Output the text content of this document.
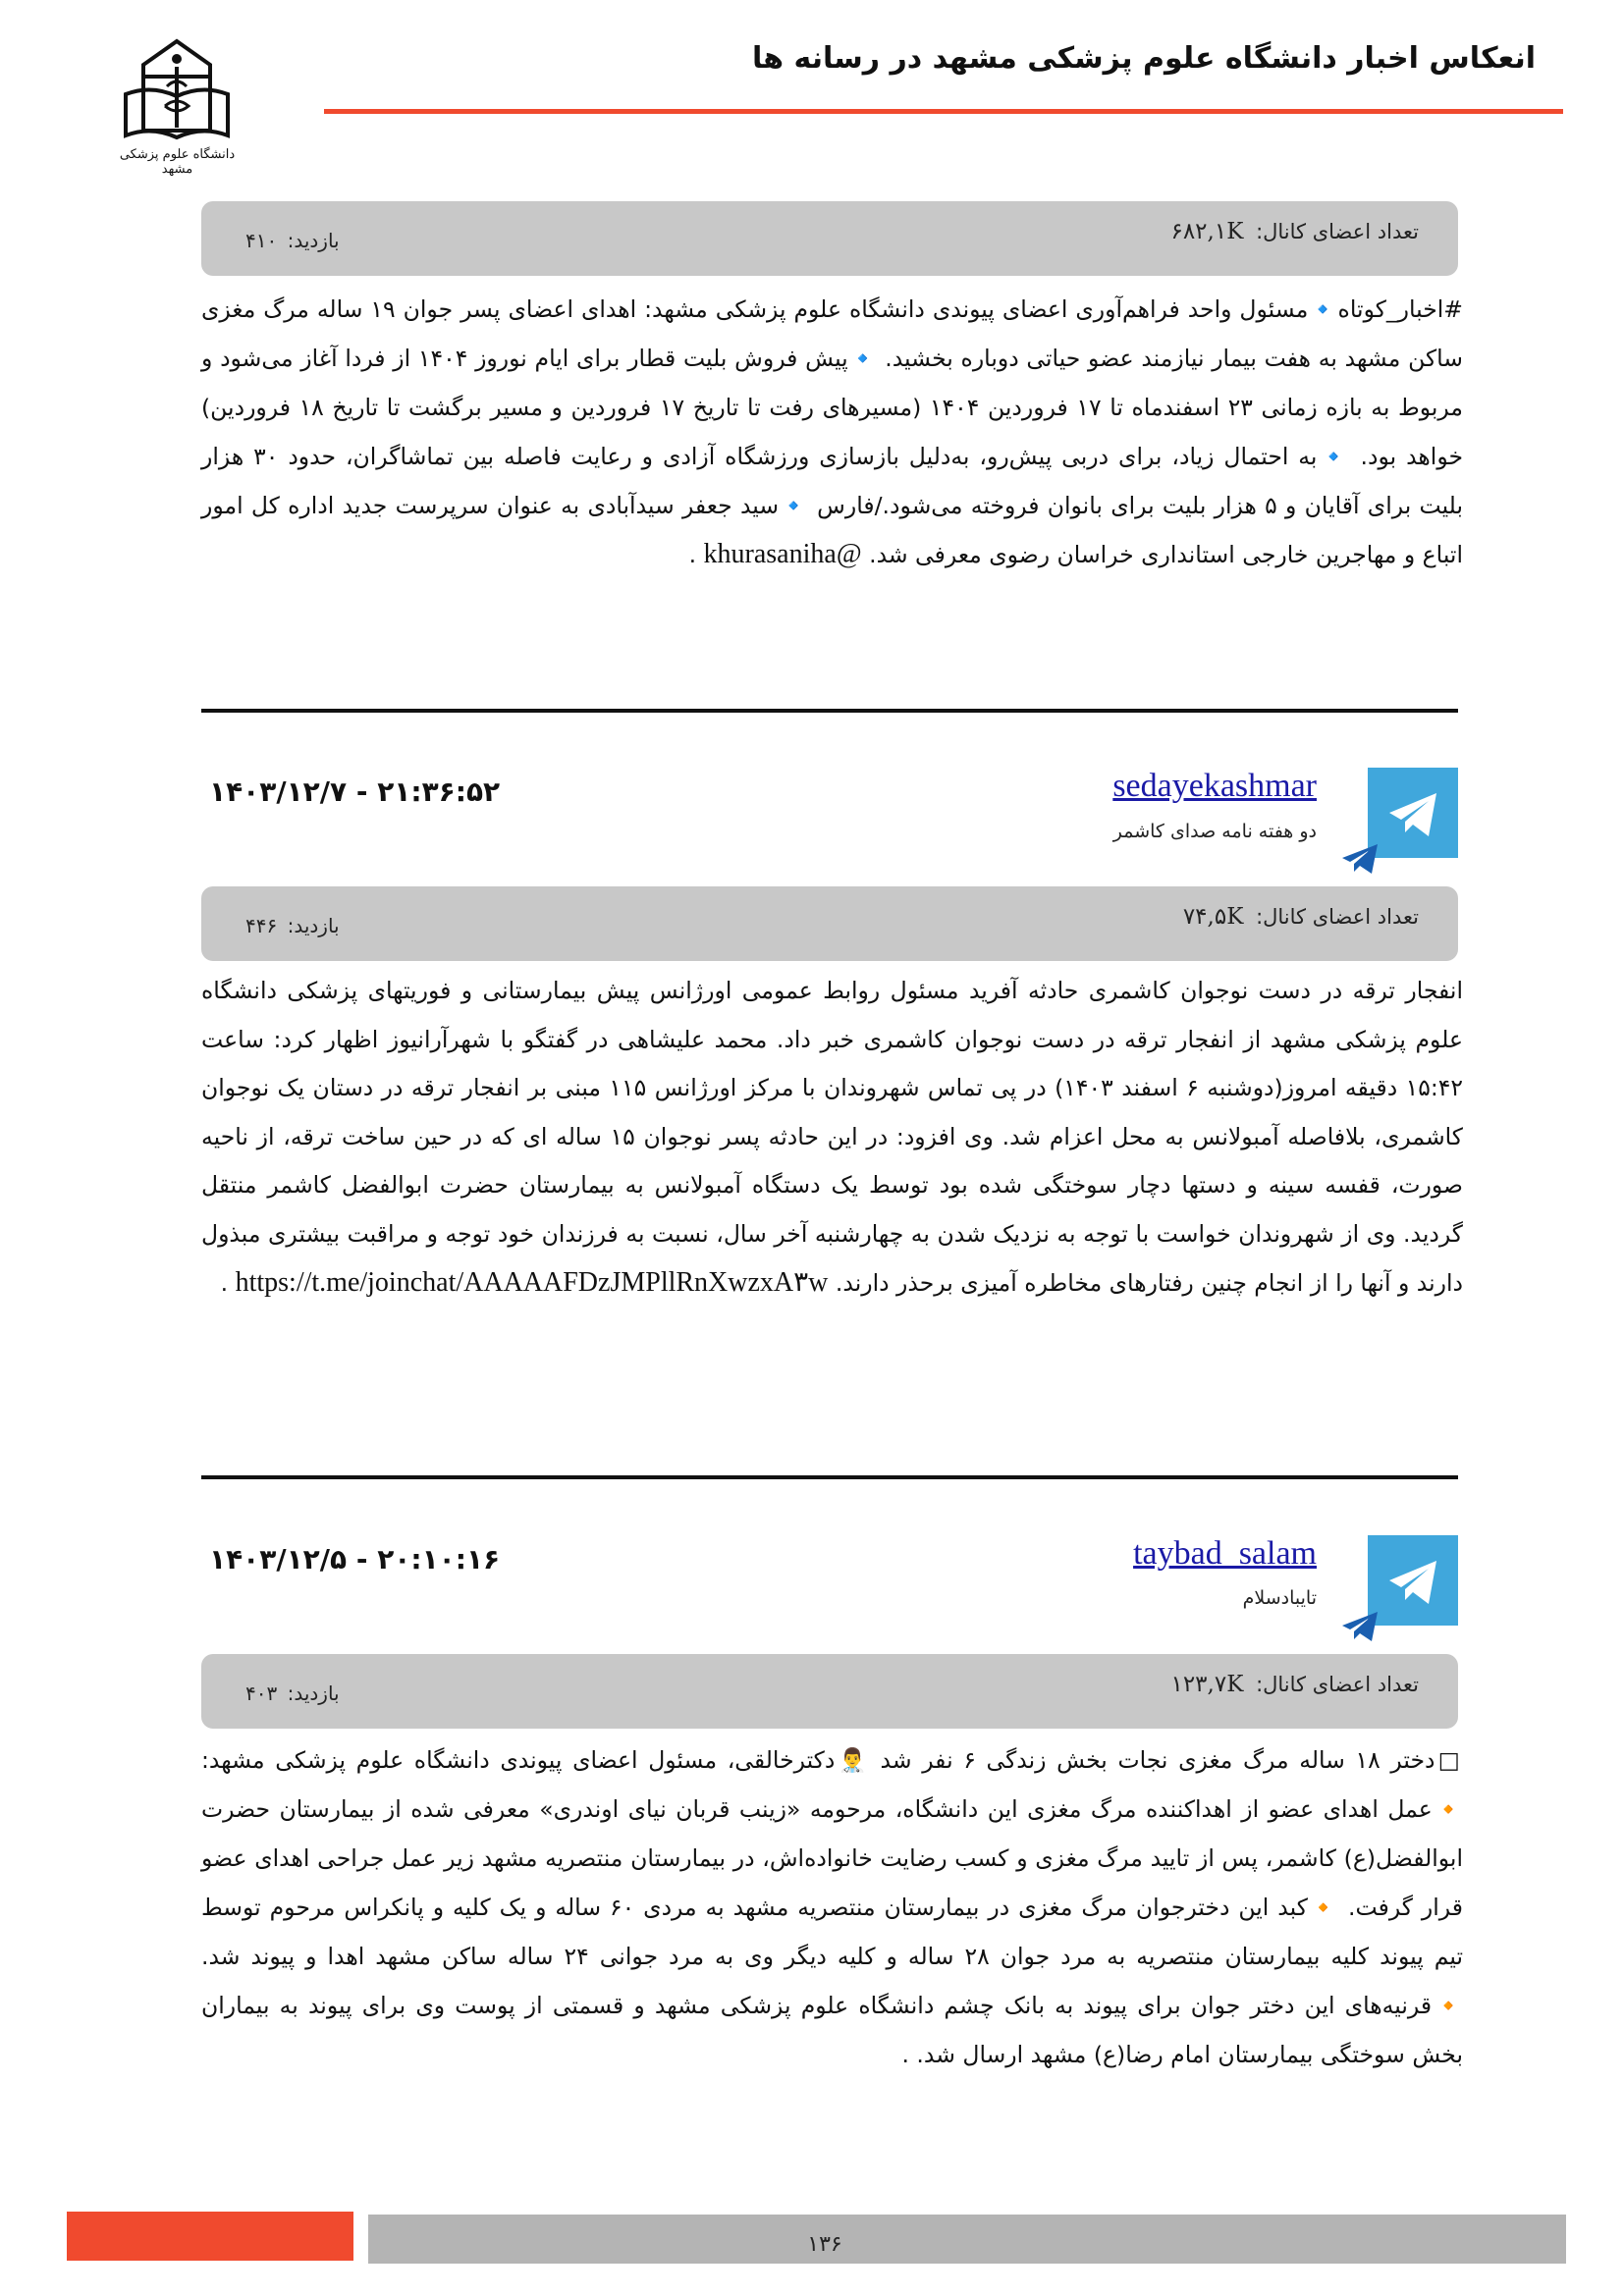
انعکاس اخبار دانشگاه علوم پزشکی مشهد در رسانه ها
دانشگاه علوم پزشکی مشهد
تعداد اعضای کانال: ۶۸۲,۱K
بازدید: ۴۱۰
#اخبار_کوتاه🔹مسئول واحد فراهم‌آوری اعضای پیوندی دانشگاه علوم پزشکی مشهد: اهدای اعضای پسر جوان ۱۹ ساله مرگ مغزی ساکن مشهد به هفت بیمار نیازمند عضو حیاتی دوباره بخشید. 🔹پیش فروش بلیت قطار برای ایام نوروز ۱۴۰۴ از فردا آغاز می‌شود و مربوط به بازه زمانی ۲۳ اسفندماه تا ۱۷ فروردین ۱۴۰۴ (مسیرهای رفت تا تاریخ ۱۷ فروردین و مسیر برگشت تا تاریخ ۱۸ فروردین) خواهد بود. 🔹به احتمال زیاد، برای دربی پیش‌رو، به‌دلیل بازسازی ورزشگاه آزادی و رعایت فاصله بین تماشاگران، حدود ۳۰ هزار بلیت برای آقایان و ۵ هزار بلیت برای بانوان فروخته می‌شود./فارس 🔹سید جعفر سیدآبادی به عنوان سرپرست جدید اداره کل امور اتباع و مهاجرین خارجی استانداری خراسان رضوی معرفی شد. @khurasaniha .
sedayekashmar
دو هفته نامه صدای کاشمر
۱۴۰۳/۱۲/۷ - ۲۱:۳۶:۵۲
تعداد اعضای کانال: ۷۴,۵K
بازدید: ۴۴۶
انفجار ترقه در دست نوجوان کاشمری حادثه آفرید مسئول روابط عمومی اورژانس پیش بیمارستانی و فوریتهای پزشکی دانشگاه علوم پزشکی مشهد از انفجار ترقه در دست نوجوان کاشمری خبر داد. محمد علیشاهی در گفتگو با شهرآرانیوز اظهار کرد: ساعت ۱۵:۴۲ دقیقه امروز(دوشنبه ۶ اسفند ۱۴۰۳) در پی تماس شهروندان با مرکز اورژانس ۱۱۵ مبنی بر انفجار ترقه در دستان یک نوجوان کاشمری، بلافاصله آمبولانس به محل اعزام شد. وی افزود: در این حادثه پسر نوجوان ۱۵ ساله ای که در حین ساخت ترقه، از ناحیه صورت، قفسه سینه و دستها دچار سوختگی شده بود توسط یک دستگاه آمبولانس به بیمارستان حضرت ابوالفضل کاشمر منتقل گردید. وی از شهروندان خواست با توجه به نزدیک شدن به چهارشنبه آخر سال، نسبت به فرزندان خود توجه و مراقبت بیشتری مبذول دارند و آنها را از انجام چنین رفتارهای مخاطره آمیزی برحذر دارند. https://t.me/joinchat/AAAAAFDzJMPllRnXwzxA۳w .
taybad_salam
تایبادسلام
۱۴۰۳/۱۲/۵ - ۲۰:۱۰:۱۶
تعداد اعضای کانال: ۱۲۳,۷K
بازدید: ۴۰۳
□دختر ۱۸ ساله مرگ مغزی نجات بخش زندگی ۶ نفر شد 👨‍⚕️دکترخالقی، مسئول اعضای پیوندی دانشگاه علوم پزشکی مشهد: 🔸عمل اهدای عضو از اهداکننده مرگ مغزی این دانشگاه، مرحومه «زینب قربان نیای اوندری» معرفی شده از بیمارستان حضرت ابوالفضل(ع) کاشمر، پس از تایید مرگ مغزی و کسب رضایت خانواده‌اش، در بیمارستان منتصریه مشهد زیر عمل جراحی اهدای عضو قرار گرفت. 🔸کبد این دخترجوان مرگ مغزی در بیمارستان منتصریه مشهد به مردی ۶۰ ساله و یک کلیه و پانکراس مرحوم توسط تیم پیوند کلیه بیمارستان منتصریه به مرد جوان ۲۸ ساله و کلیه دیگر وی به مرد جوانی ۲۴ ساله ساکن مشهد اهدا و پیوند شد. 🔸قرنیه‌های این دختر جوان برای پیوند به بانک چشم دانشگاه علوم پزشکی مشهد و قسمتی از پوست وی برای پیوند به بیماران بخش سوختگی بیمارستان امام رضا(ع) مشهد ارسال شد. .
۱۳۶
